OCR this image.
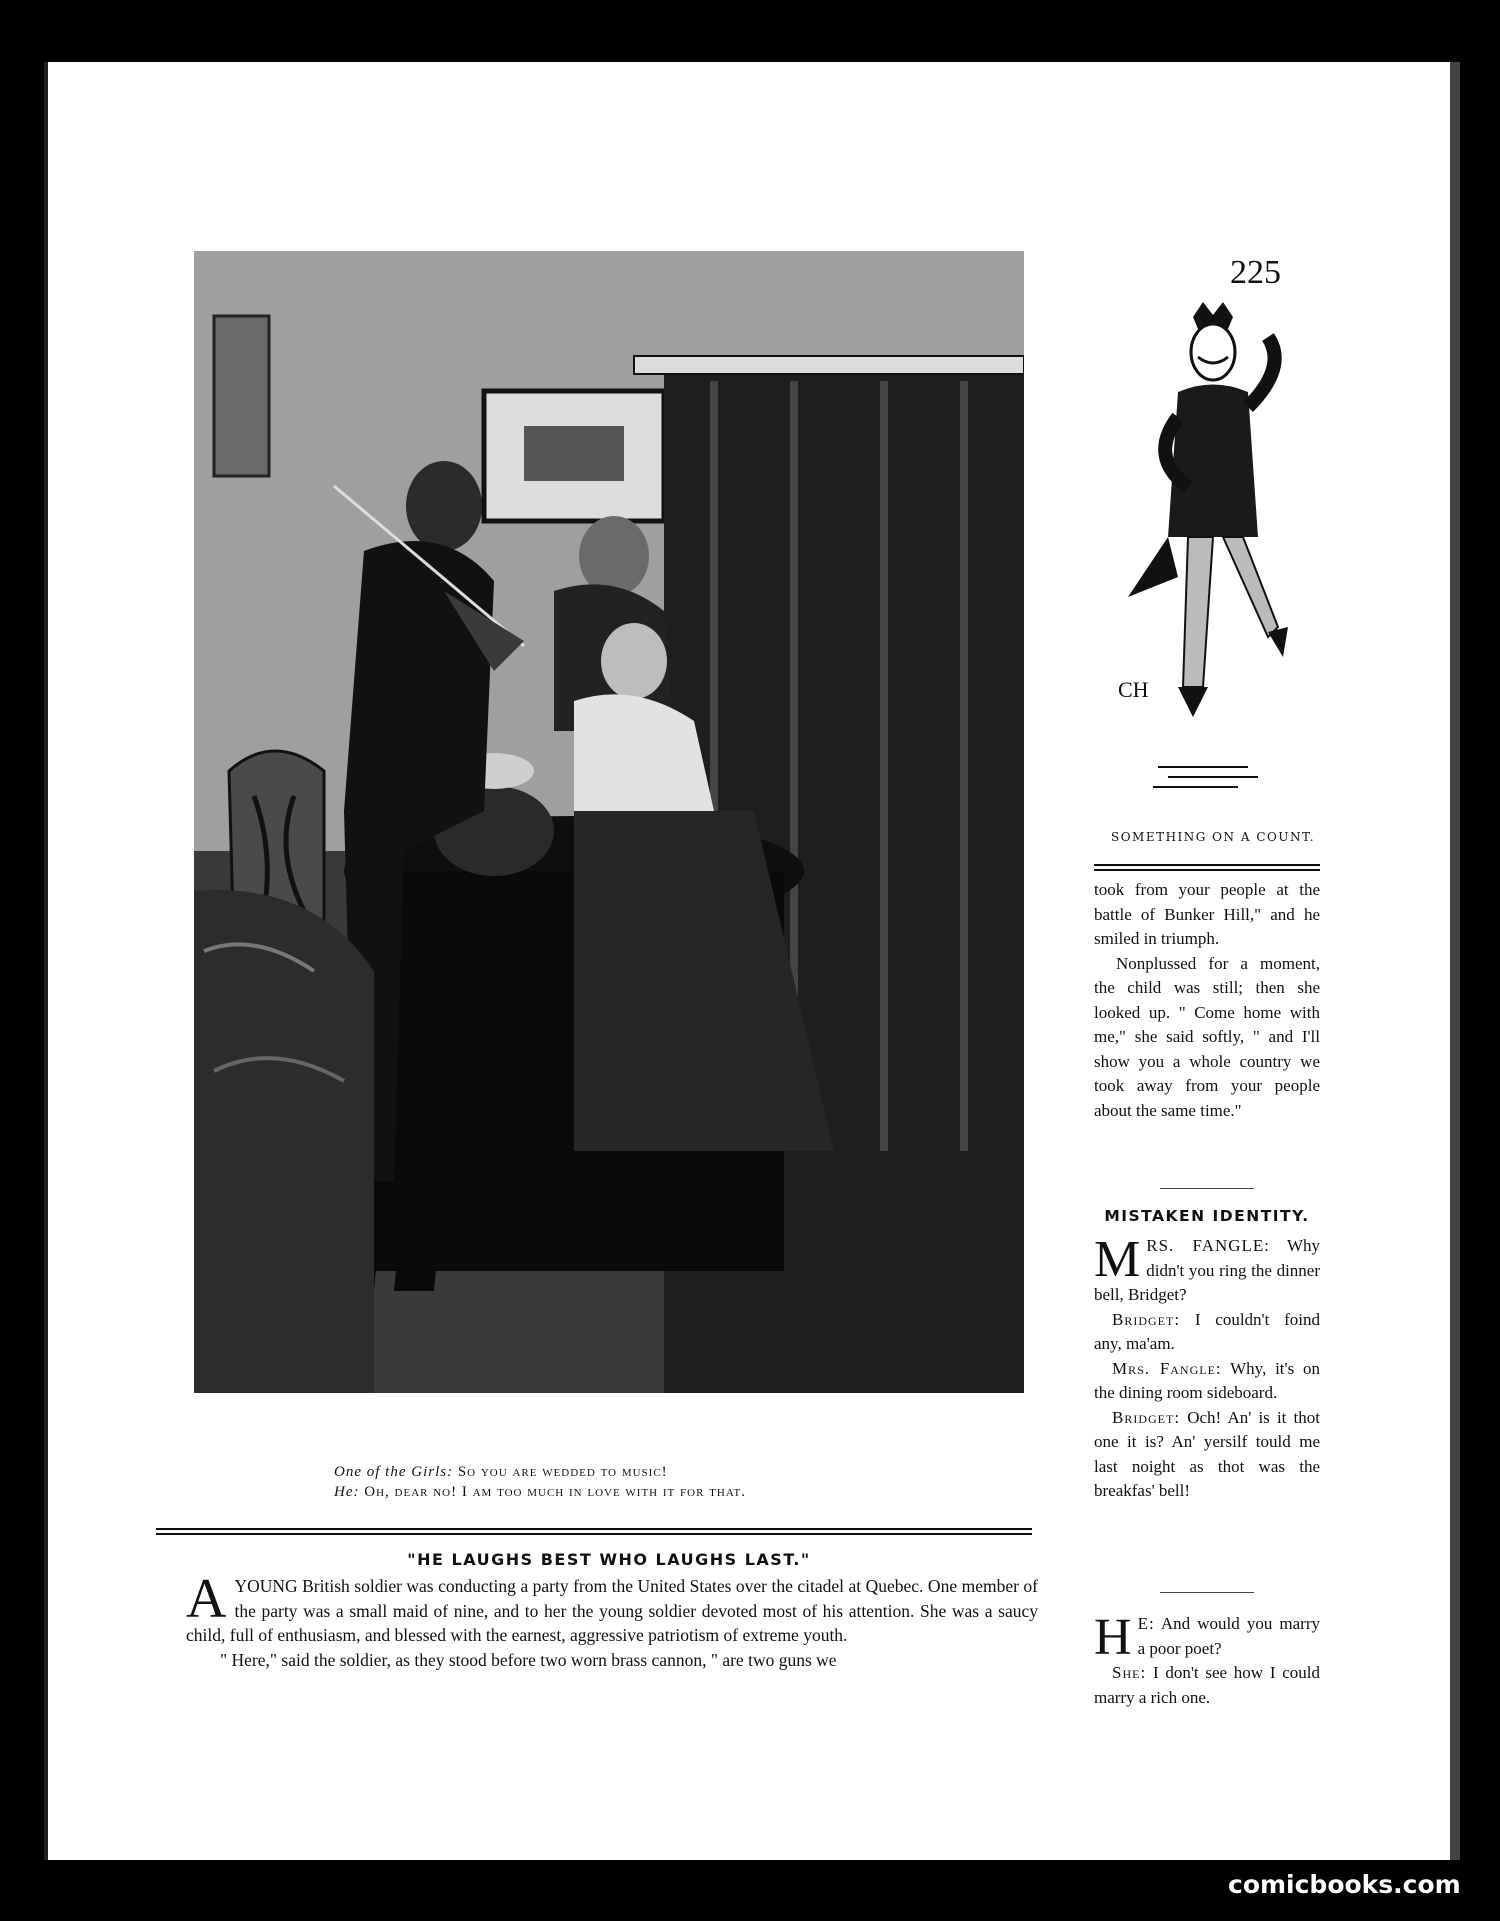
225
One of the Girls: So you are wedded to music!
He: Oh, dear no! I am too much in love with it for that.
"HE LAUGHS BEST WHO LAUGHS LAST."

A YOUNG British soldier was conducting a party from the United States over the citadel at Quebec. One member of the party was a small maid of nine, and to her the young soldier devoted most of his attention. She was a saucy child, full of enthusiasm, and blessed with the earnest, aggressive patriotism of extreme youth.

" Here," said the soldier, as they stood before two worn brass cannon, " are two guns we

CH
SOMETHING ON A COUNT.

took from your people at the battle of Bunker Hill," and he smiled in triumph.

Nonplussed for a moment, the child was still; then she looked up. " Come home with me," she said softly, " and I'll show you a whole country we took away from your people about the same time."

MISTAKEN IDENTITY.

M RS. FANGLE: Why didn't you ring the dinner bell, Bridget?

Bridget: I couldn't foind any, ma'am.

Mrs. Fangle: Why, it's on the dining room sideboard.

Bridget: Och! An' is it thot one it is? An' yersilf tould me last noight as thot was the breakfas' bell!

H E: And would you marry a poor poet?

She: I don't see how I could marry a rich one.

comicbooks.com
